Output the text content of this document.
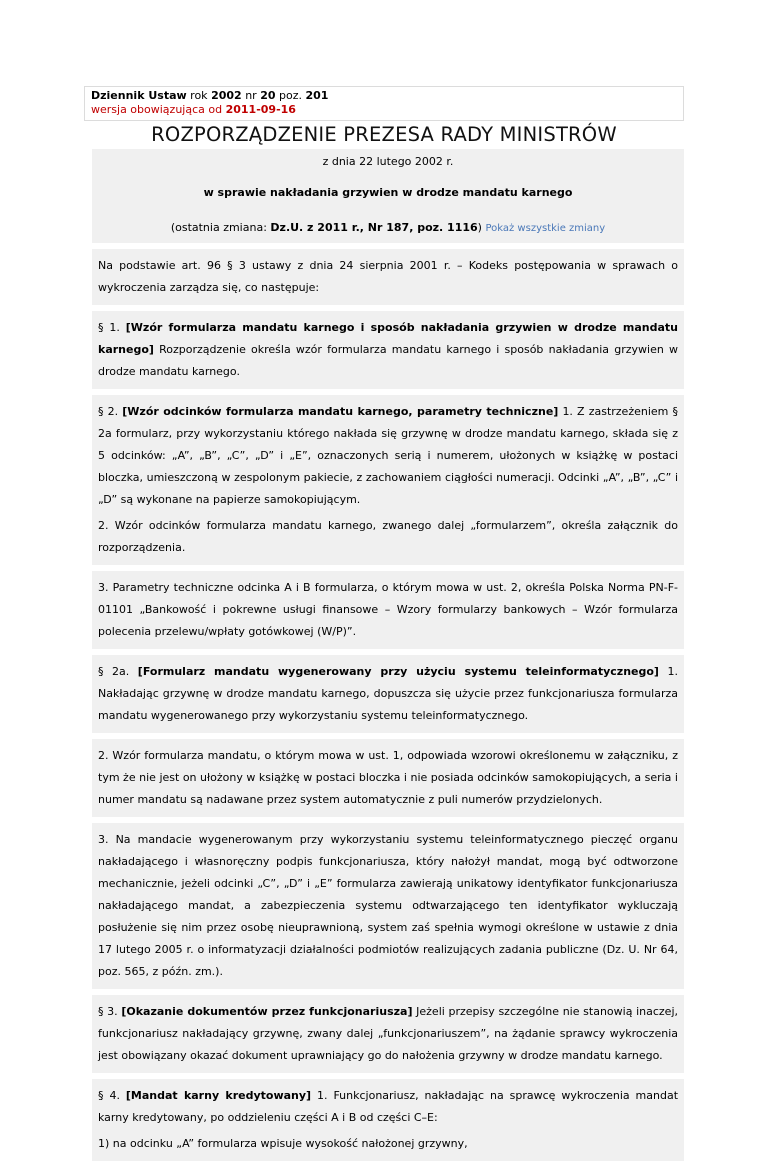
Dziennik Ustaw rok 2002 nr 20 poz. 201
wersja obowiązująca od 2011-09-16
ROZPORZĄDZENIE PREZESA RADY MINISTRÓW
z dnia 22 lutego 2002 r.
w sprawie nakładania grzywien w drodze mandatu karnego
(ostatnia zmiana: Dz.U. z 2011 r., Nr 187, poz. 1116) Pokaż wszystkie zmiany

Na podstawie art. 96 § 3 ustawy z dnia 24 sierpnia 2001 r. – Kodeks postępowania w sprawach o wykroczenia zarządza się, co następuje:

§ 1. [Wzór formularza mandatu karnego i sposób nakładania grzywien w drodze mandatu karnego] Rozporządzenie określa wzór formularza mandatu karnego i sposób nakładania grzywien w drodze mandatu karnego.

§ 2. [Wzór odcinków formularza mandatu karnego, parametry techniczne] 1. Z zastrzeżeniem § 2a formularz, przy wykorzystaniu którego nakłada się grzywnę w drodze mandatu karnego, składa się z 5 odcinków: „A”, „B”, „C”, „D” i „E”, oznaczonych serią i numerem, ułożonych w książkę w postaci bloczka, umieszczoną w zespolonym pakiecie, z zachowaniem ciągłości numeracji. Odcinki „A”, „B”, „C” i „D” są wykonane na papierze samokopiującym.

2. Wzór odcinków formularza mandatu karnego, zwanego dalej „formularzem”, określa załącznik do rozporządzenia.

3. Parametry techniczne odcinka A i B formularza, o którym mowa w ust. 2, określa Polska Norma PN-F-01101 „Bankowość i pokrewne usługi finansowe – Wzory formularzy bankowych – Wzór formularza polecenia przelewu/wpłaty gotówkowej (W/P)”.

§ 2a. [Formularz mandatu wygenerowany przy użyciu systemu teleinformatycznego] 1. Nakładając grzywnę w drodze mandatu karnego, dopuszcza się użycie przez funkcjonariusza formularza mandatu wygenerowanego przy wykorzystaniu systemu teleinformatycznego.

2. Wzór formularza mandatu, o którym mowa w ust. 1, odpowiada wzorowi określonemu w załączniku, z tym że nie jest on ułożony w książkę w postaci bloczka i nie posiada odcinków samokopiujących, a seria i numer mandatu są nadawane przez system automatycznie z puli numerów przydzielonych.

3. Na mandacie wygenerowanym przy wykorzystaniu systemu teleinformatycznego pieczęć organu nakładającego i własnoręczny podpis funkcjonariusza, który nałożył mandat, mogą być odtworzone mechanicznie, jeżeli odcinki „C”, „D” i „E” formularza zawierają unikatowy identyfikator funkcjonariusza nakładającego mandat, a zabezpieczenia systemu odtwarzającego ten identyfikator wykluczają posłużenie się nim przez osobę nieuprawnioną, system zaś spełnia wymogi określone w ustawie z dnia 17 lutego 2005 r. o informatyzacji działalności podmiotów realizujących zadania publiczne (Dz. U. Nr 64, poz. 565, z późn. zm.).

§ 3. [Okazanie dokumentów przez funkcjonariusza] Jeżeli przepisy szczególne nie stanowią inaczej, funkcjonariusz nakładający grzywnę, zwany dalej „funkcjonariuszem”, na żądanie sprawcy wykroczenia jest obowiązany okazać dokument uprawniający go do nałożenia grzywny w drodze mandatu karnego.

§ 4. [Mandat karny kredytowany] 1. Funkcjonariusz, nakładając na sprawcę wykroczenia mandat karny kredytowany, po oddzieleniu części A i B od części C–E:

1) na odcinku „A” formularza wpisuje wysokość nałożonej grzywny,
